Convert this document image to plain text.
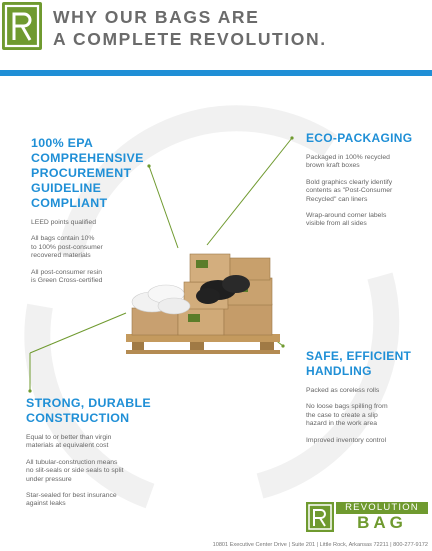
WHY OUR BAGS ARE
A COMPLETE REVOLUTION.
100% EPA
COMPREHENSIVE
PROCUREMENT
GUIDELINE
COMPLIANT
LEED points qualified
All bags contain 10%
to 100% post-consumer
recovered materials
All post-consumer resin
is Green Cross-certified
ECO-PACKAGING
Packaged in 100% recycled
brown kraft boxes
Bold graphics clearly identify
contents as "Post-Consumer
Recycled" can liners
Wrap-around corner labels
visible from all sides
SAFE, EFFICIENT
HANDLING
Packed as coreless rolls
No loose bags spilling from
the case to create a slip
hazard in the work area
Improved inventory control
STRONG, DURABLE
CONSTRUCTION
Equal to or better than virgin
materials at equivalent cost
All tubular-construction means
no slit-seals or side seals to split
under pressure
Star-sealed for best insurance
against leaks	REVOLUTION
BAG
10801 Executive Center Drive | Suite 201 | Little Rock, Arkansas 72211 | 800-277-9172
